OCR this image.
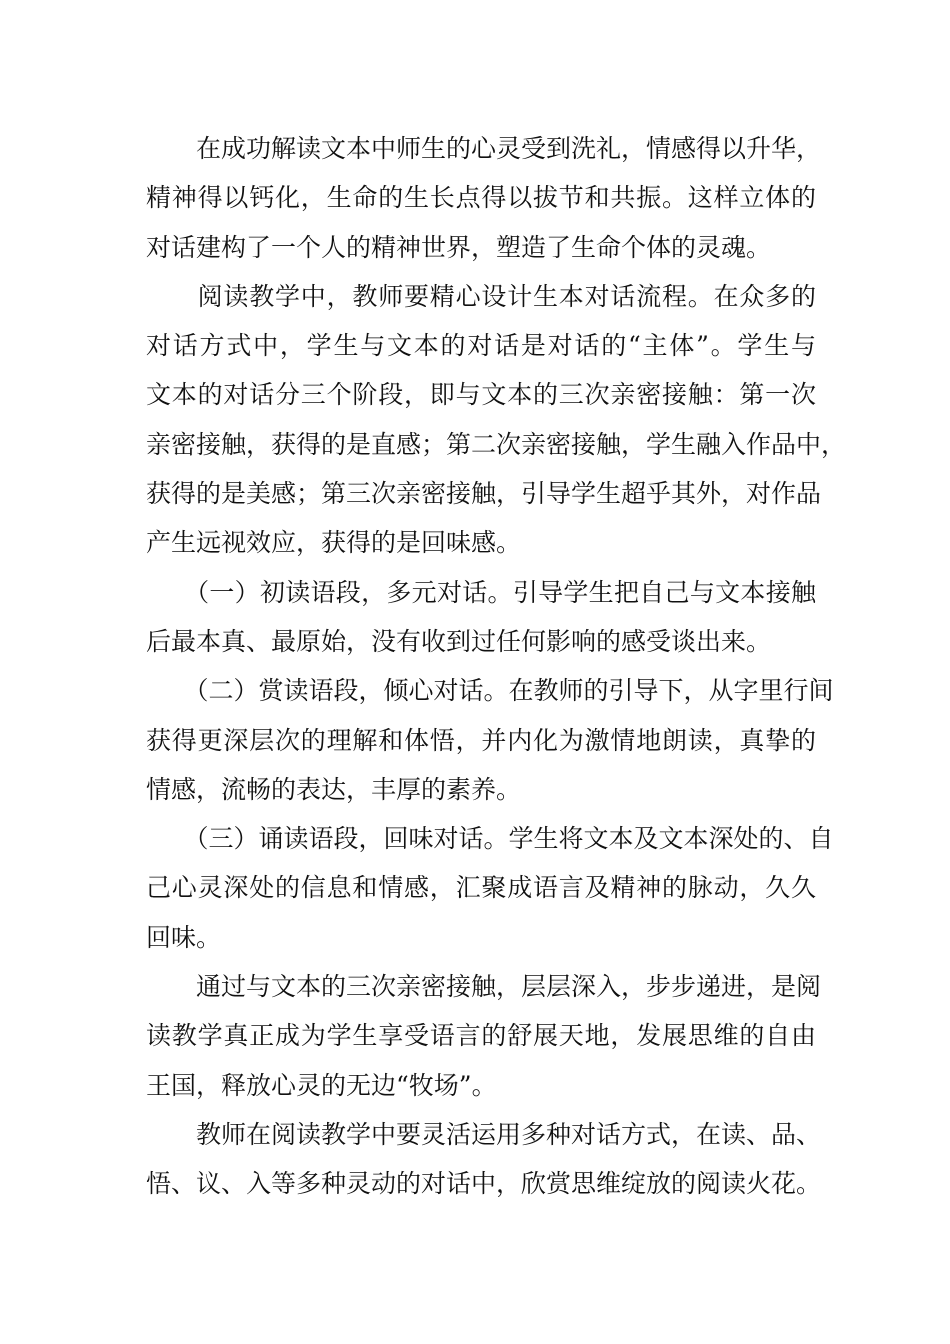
　　在成功解读文本中师生的心灵受到洗礼，情感得以升华，
精神得以钙化，生命的生长点得以拔节和共振。这样立体的
对话建构了一个人的精神世界，塑造了生命个体的灵魂。
　　阅读教学中，教师要精心设计生本对话流程。在众多的
对话方式中，学生与文本的对话是对话的“主体”。学生与
文本的对话分三个阶段，即与文本的三次亲密接触：第一次
亲密接触，获得的是直感；第二次亲密接触，学生融入作品中，
获得的是美感；第三次亲密接触，引导学生超乎其外，对作品
产生远视效应，获得的是回味感。
　　（一）初读语段，多元对话。引导学生把自己与文本接触
后最本真、最原始，没有收到过任何影响的感受谈出来。
　　（二）赏读语段，倾心对话。在教师的引导下，从字里行间
获得更深层次的理解和体悟，并内化为激情地朗读，真挚的
情感，流畅的表达，丰厚的素养。
　　（三）诵读语段，回味对话。学生将文本及文本深处的、自
己心灵深处的信息和情感，汇聚成语言及精神的脉动，久久
回味。
　　通过与文本的三次亲密接触，层层深入，步步递进，是阅
读教学真正成为学生享受语言的舒展天地，发展思维的自由
王国，释放心灵的无边“牧场”。
　　教师在阅读教学中要灵活运用多种对话方式，在读、品、
悟、议、入等多种灵动的对话中，欣赏思维绽放的阅读火花。
